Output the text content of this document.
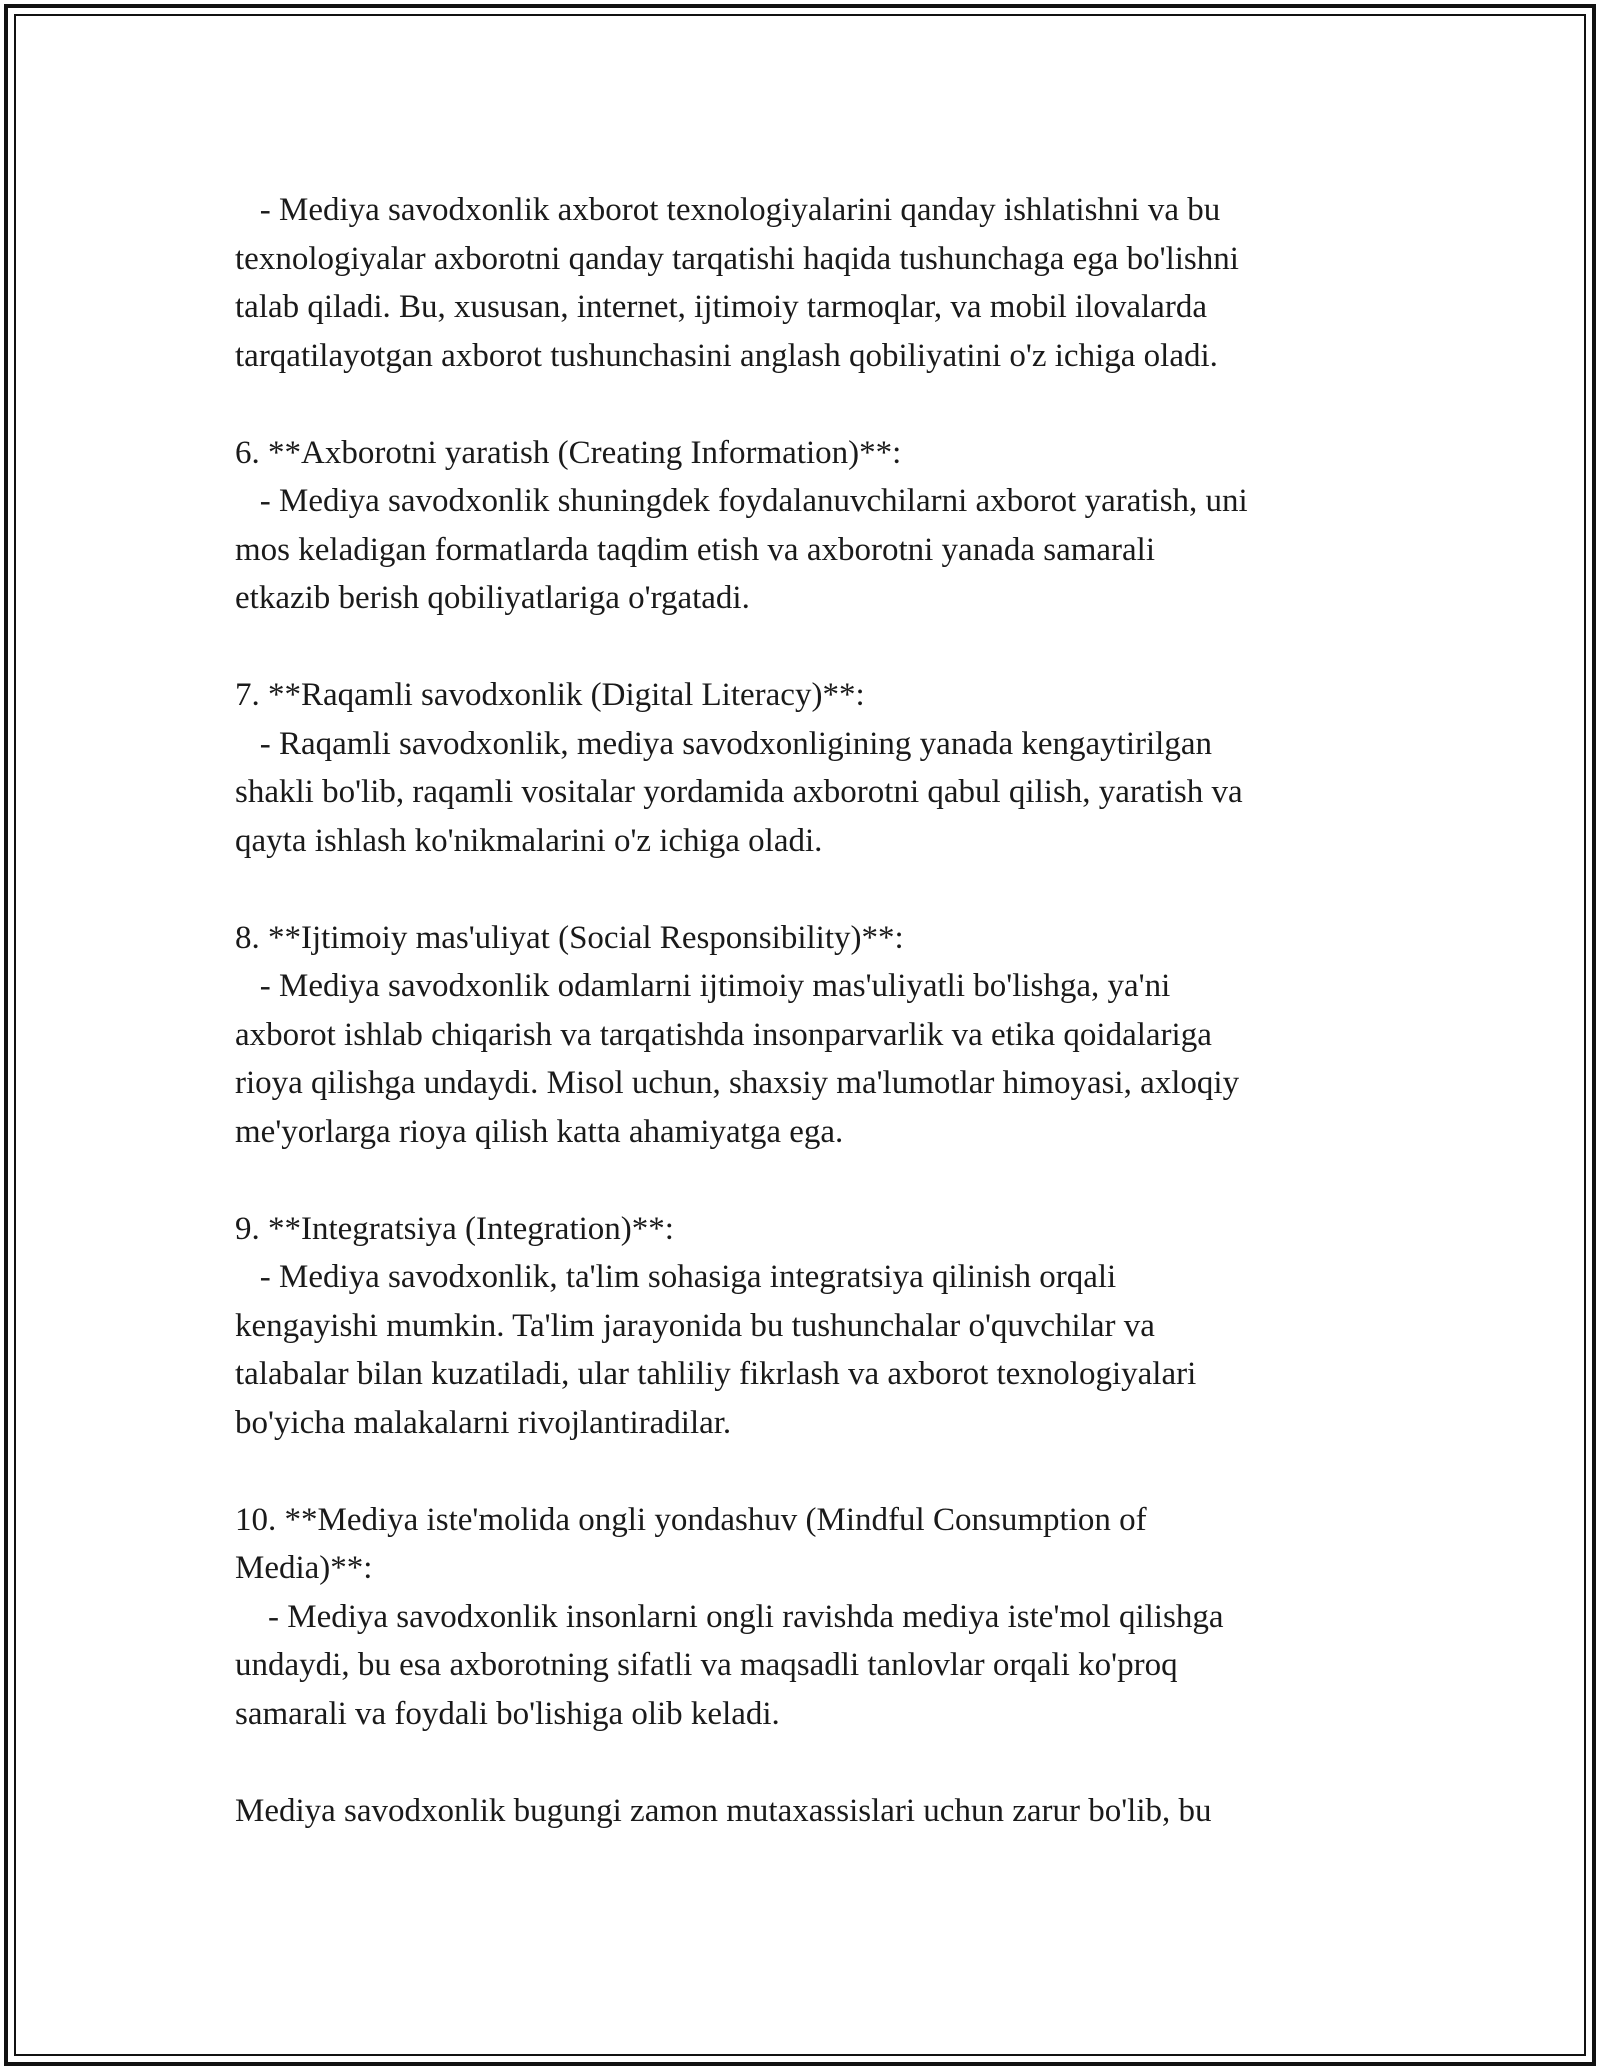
- Mediya savodxonlik axborot texnologiyalarini qanday ishlatishni va bu
texnologiyalar axborotni qanday tarqatishi haqida tushunchaga ega bo'lishni
talab qiladi. Bu, xususan, internet, ijtimoiy tarmoqlar, va mobil ilovalarda
tarqatilayotgan axborot tushunchasini anglash qobiliyatini o'z ichiga oladi.
6. **Axborotni yaratish (Creating Information)**:
- Mediya savodxonlik shuningdek foydalanuvchilarni axborot yaratish, uni
mos keladigan formatlarda taqdim etish va axborotni yanada samarali
etkazib berish qobiliyatlariga o'rgatadi.
7. **Raqamli savodxonlik (Digital Literacy)**:
- Raqamli savodxonlik, mediya savodxonligining yanada kengaytirilgan
shakli bo'lib, raqamli vositalar yordamida axborotni qabul qilish, yaratish va
qayta ishlash ko'nikmalarini o'z ichiga oladi.
8. **Ijtimoiy mas'uliyat (Social Responsibility)**:
- Mediya savodxonlik odamlarni ijtimoiy mas'uliyatli bo'lishga, ya'ni
axborot ishlab chiqarish va tarqatishda insonparvarlik va etika qoidalariga
rioya qilishga undaydi. Misol uchun, shaxsiy ma'lumotlar himoyasi, axloqiy
me'yorlarga rioya qilish katta ahamiyatga ega.
9. **Integratsiya (Integration)**:
- Mediya savodxonlik, ta'lim sohasiga integratsiya qilinish orqali
kengayishi mumkin. Ta'lim jarayonida bu tushunchalar o'quvchilar va
talabalar bilan kuzatiladi, ular tahliliy fikrlash va axborot texnologiyalari
bo'yicha malakalarni rivojlantiradilar.
10. **Mediya iste'molida ongli yondashuv (Mindful Consumption of
Media)**:
- Mediya savodxonlik insonlarni ongli ravishda mediya iste'mol qilishga
undaydi, bu esa axborotning sifatli va maqsadli tanlovlar orqali ko'proq
samarali va foydali bo'lishiga olib keladi.
Mediya savodxonlik bugungi zamon mutaxassislari uchun zarur bo'lib, bu
